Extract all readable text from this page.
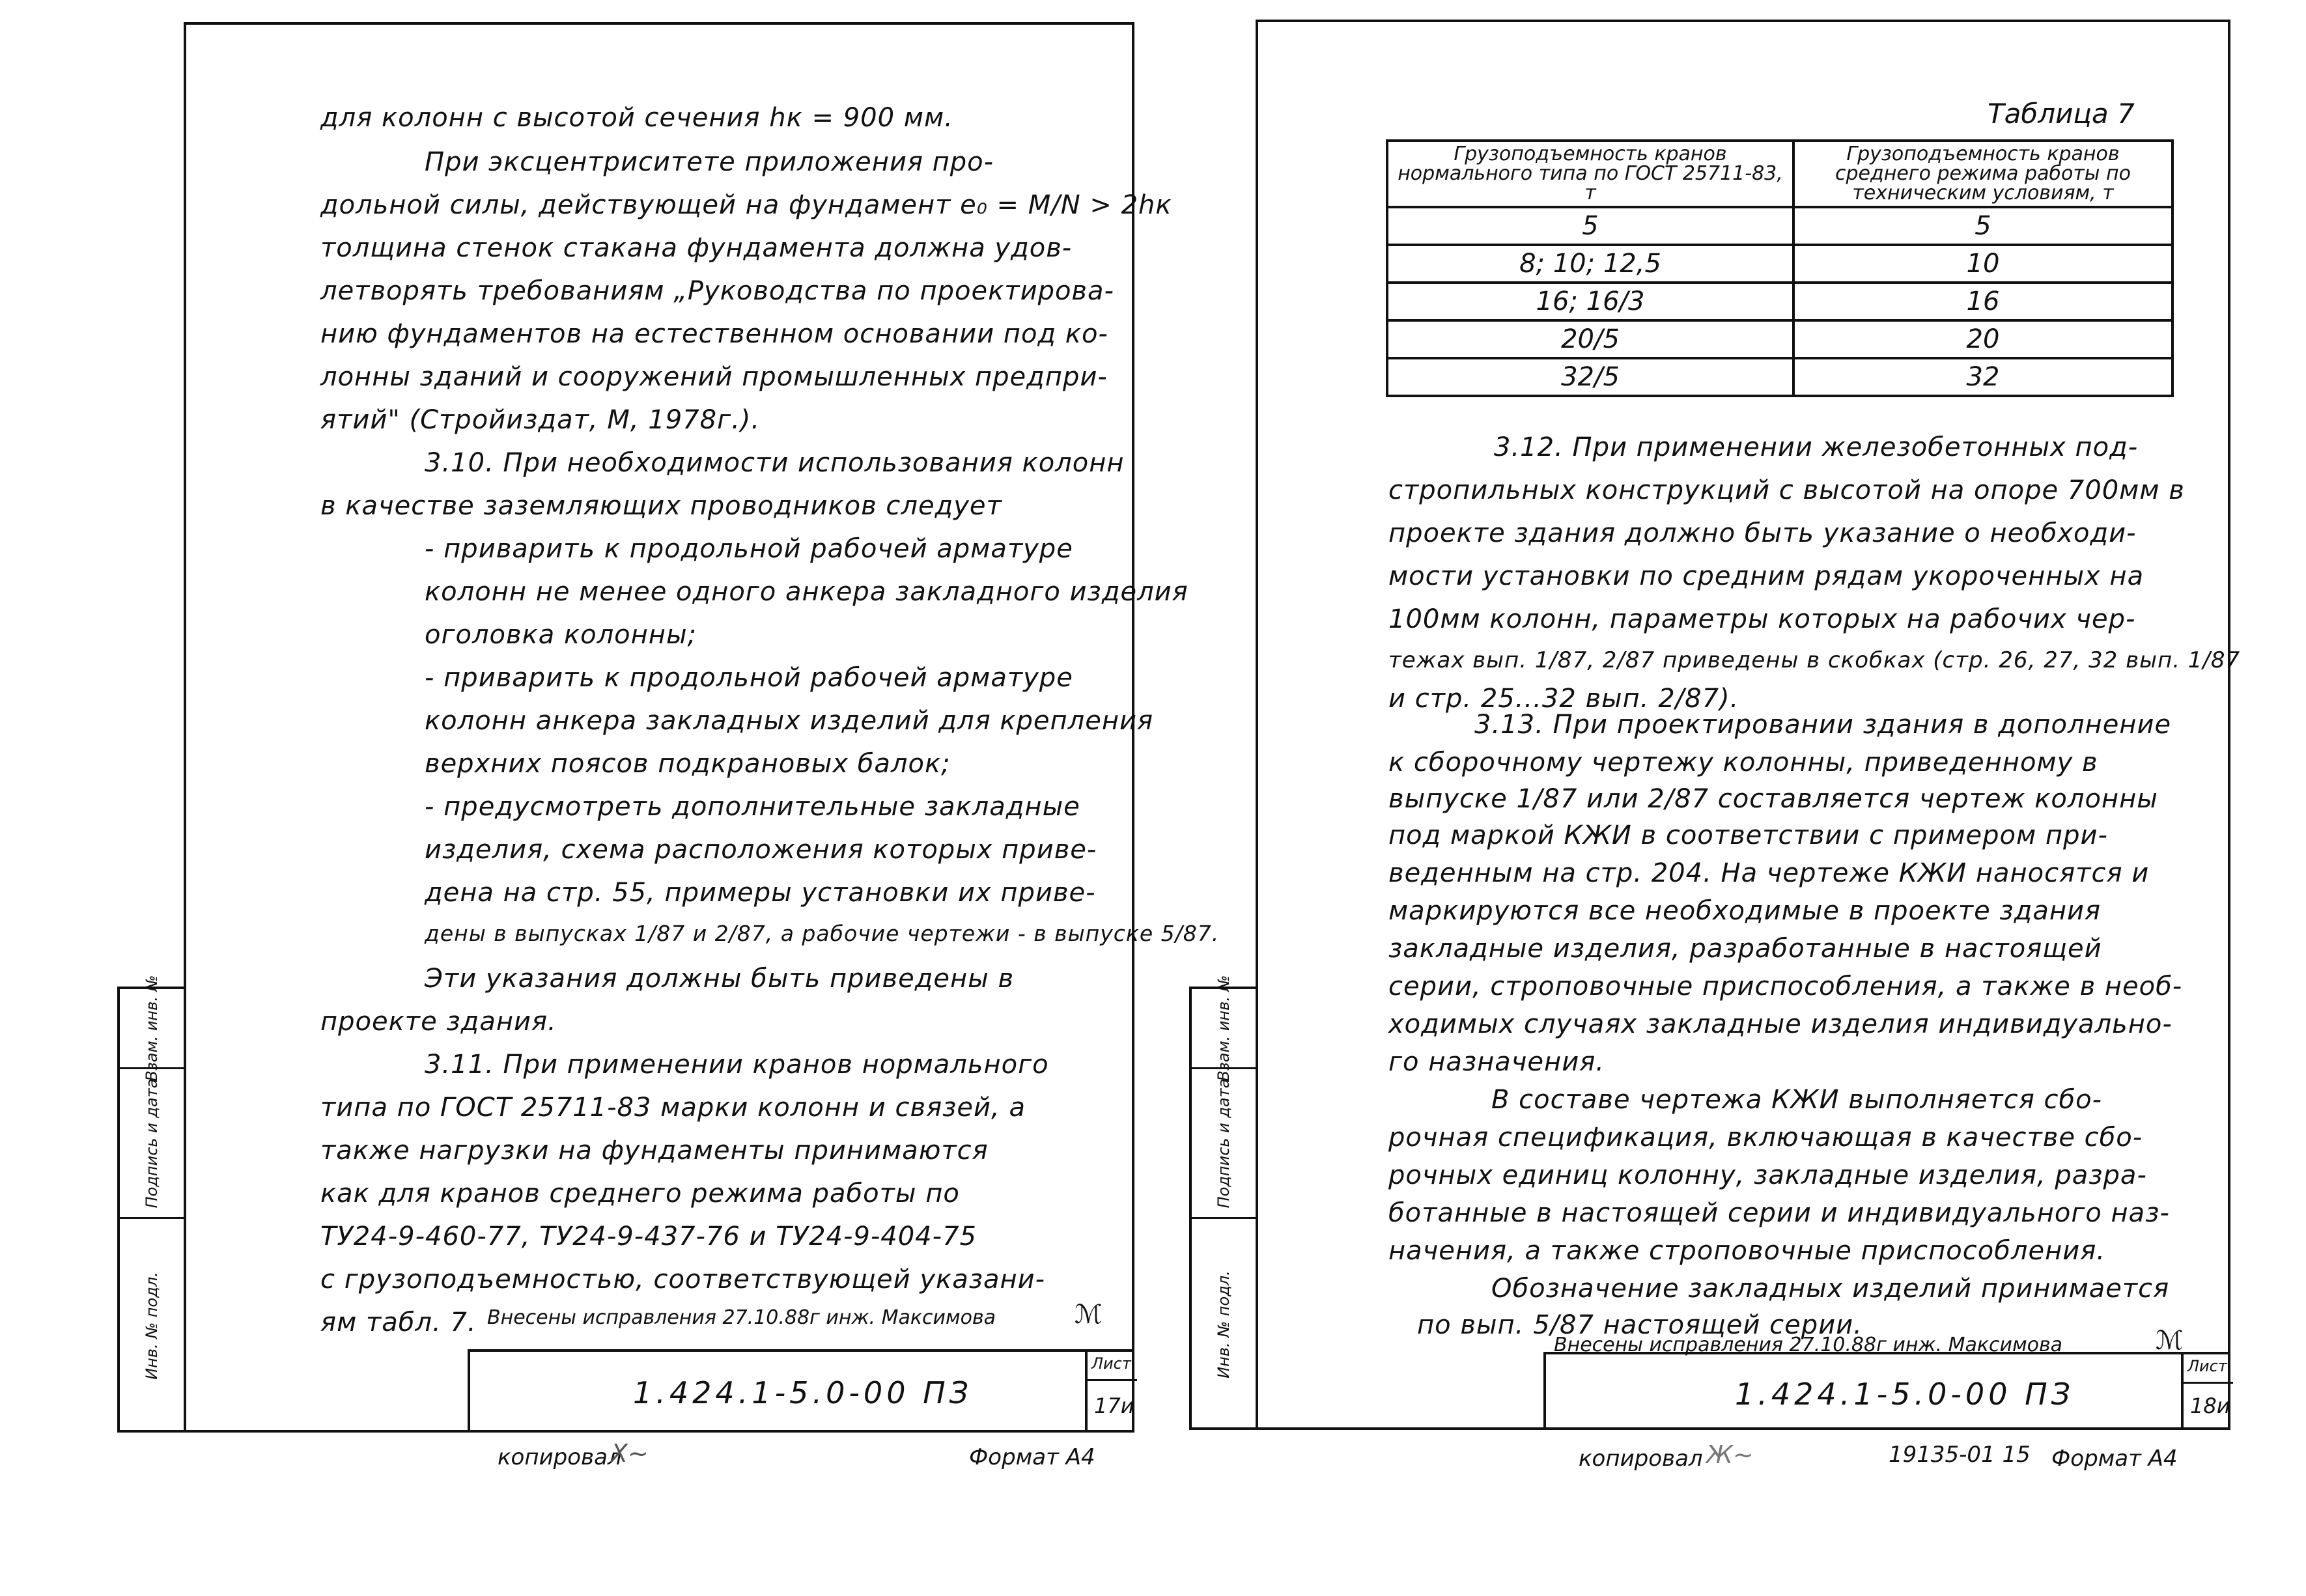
Взам. инв. №
Подпись и дата
Инв. № подл.
для колонн с высотой сечения hк = 900 мм.
При эксцентриситете приложения про-
дольной силы, действующей на фундамент e₀ = M/N > 2hк
толщина стенок стакана фундамента должна удов-
летворять требованиям „Руководства по проектирова-
нию фундаментов на естественном основании под ко-
лонны зданий и сооружений промышленных предпри-
ятий" (Стройиздат, М, 1978г.).
3.10. При необходимости использования колонн
в качестве заземляющих проводников следует
- приварить к продольной рабочей арматуре
колонн не менее одного анкера закладного изделия
оголовка колонны;
- приварить к продольной рабочей арматуре
колонн анкера закладных изделий для крепления
верхних поясов подкрановых балок;
- предусмотреть дополнительные закладные
изделия, схема расположения которых приве-
дена на стр. 55, примеры установки их приве-
дены в выпусках 1/87 и 2/87, а рабочие чертежи - в выпуске 5/87.
Эти указания должны быть приведены в
проекте здания.
3.11. При применении кранов нормального
типа по ГОСТ 25711-83 марки колонн и связей, а
также нагрузки на фундаменты принимаются
как для кранов среднего режима работы по
ТУ24-9-460-77, ТУ24-9-437-76 и ТУ24-9-404-75
с грузоподъемностью, соответствующей указани-
ям табл. 7. Внесены исправления 27.10.88г инж. Максимова	ℳ
1.424.1-5.0-00 ПЗ
Лист
17и
копировал
Х~	Формат А4
Взам. инв. №
Подпись и дата
Инв. № подл.
Таблица 7
Грузоподъемность кранов нормального типа по ГОСТ 25711-83, т	Грузоподъемность кранов среднего режима работы по техническим условиям, т
5	5
8; 10; 12,5	10
16; 16/3	16
20/5	20
32/5	32
3.12. При применении железобетонных под-
стропильных конструкций с высотой на опоре 700мм в
проекте здания должно быть указание о необходи-
мости установки по средним рядам укороченных на
100мм колонн, параметры которых на рабочих чер-
тежах вып. 1/87, 2/87 приведены в скобках (стр. 26, 27, 32 вып. 1/87
и стр. 25...32 вып. 2/87).
3.13. При проектировании здания в дополнение
к сборочному чертежу колонны, приведенному в
выпуске 1/87 или 2/87 составляется чертеж колонны
под маркой КЖИ в соответствии с примером при-
веденным на стр. 204. На чертеже КЖИ наносятся и
маркируются все необходимые в проекте здания
закладные изделия, разработанные в настоящей
серии, строповочные приспособления, а также в необ-
ходимых случаях закладные изделия индивидуально-
го назначения.
В составе чертежа КЖИ выполняется сбо-
рочная спецификация, включающая в качестве сбо-
рочных единиц колонну, закладные изделия, разра-
ботанные в настоящей серии и индивидуального наз-
начения, а также строповочные приспособления.
Обозначение закладных изделий принимается
по вып. 5/87 настоящей серии.
Внесены исправления 27.10.88г инж. Максимова	ℳ
1.424.1-5.0-00 ПЗ
Лист
18и
копировал Ж~	19135-01 15 Формат А4
